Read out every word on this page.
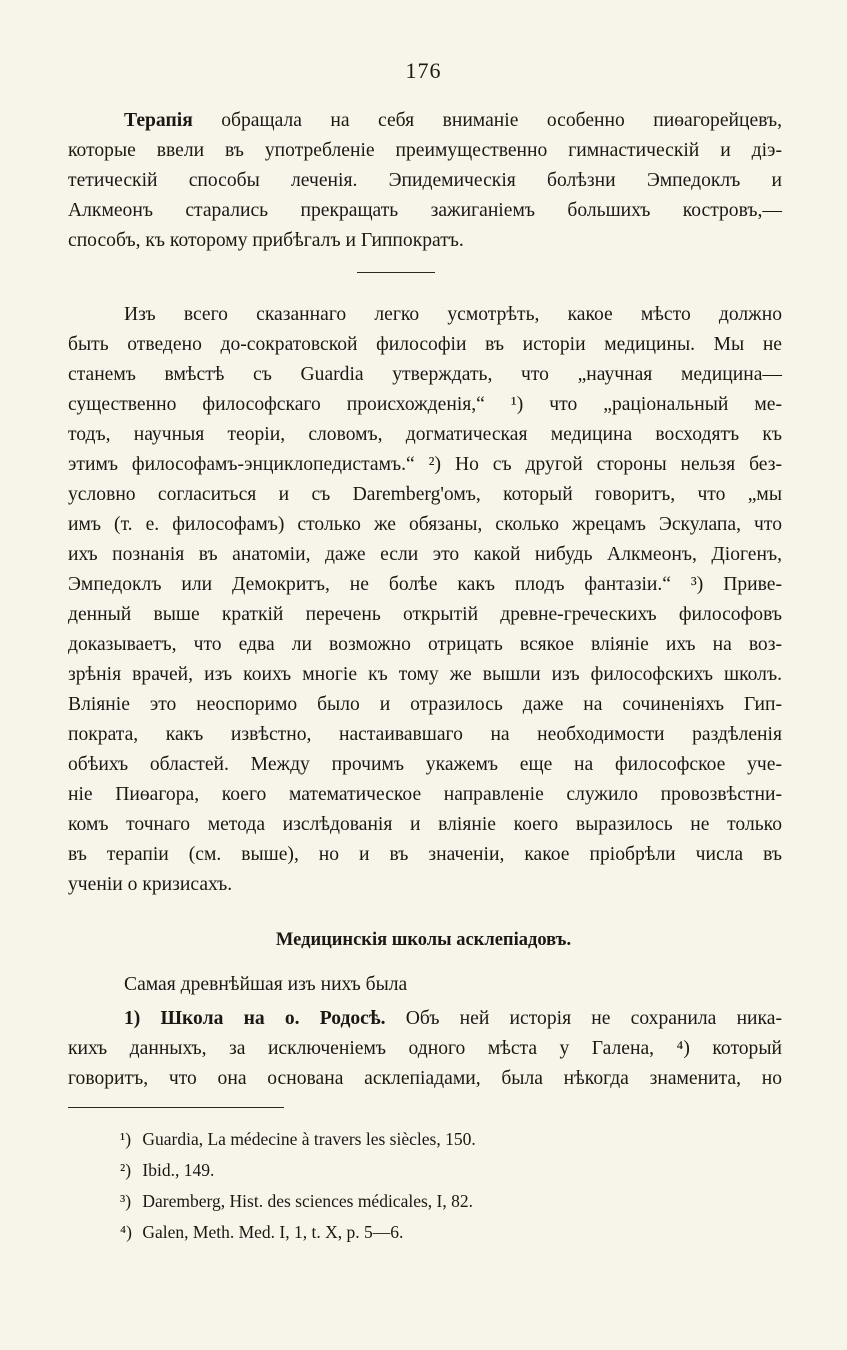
176
Терапія обращала на себя вниманіе особенно пиөагорейцевъ,
которые ввели въ употребленіе преимущественно гимнастическій и діэ-
тетическій способы леченія. Эпидемическія болѣзни Эмпедоклъ и
Алкмеонъ старались прекращать зажиганіемъ большихъ костровъ,—
способъ, къ которому прибѣгалъ и Гиппократъ.
Изъ всего сказаннаго легко усмотрѣть, какое мѣсто должно
быть отведено до-сократовской философіи въ исторіи медицины. Мы не
станемъ вмѣстѣ съ Guardia утверждать, что „научная медицина—
существенно философскаго происхожденія,“ ¹) что „раціональный ме-
тодъ, научныя теоріи, словомъ, догматическая медицина восходятъ къ
этимъ философамъ-энциклопедистамъ.“ ²) Но съ другой стороны нельзя без-
условно согласиться и съ Daremberg'омъ, который говоритъ, что „мы
имъ (т. е. философамъ) столько же обязаны, сколько жрецамъ Эскулапа, что
ихъ познанія въ анатоміи, даже если это какой нибудь Алкмеонъ, Діогенъ,
Эмпедоклъ или Демокритъ, не болѣе какъ плодъ фантазіи.“ ³) Приве-
денный выше краткій перечень открытій древне-греческихъ философовъ
доказываетъ, что едва ли возможно отрицать всякое вліяніе ихъ на воз-
зрѣнія врачей, изъ коихъ многіе къ тому же вышли изъ философскихъ школъ.
Вліяніе это неоспоримо было и отразилось даже на сочиненіяхъ Гип-
пократа, какъ извѣстно, настаивавшаго на необходимости раздѣленія
обѣихъ областей. Между прочимъ укажемъ еще на философское уче-
ніе Пиөагора, коего математическое направленіе служило провозвѣстни-
комъ точнаго метода изслѣдованія и вліяніе коего выразилось не только
въ терапіи (см. выше), но и въ значеніи, какое пріобрѣли числа въ
ученіи о кризисахъ.
Медицинскія школы асклепіадовъ.
Самая древнѣйшая изъ нихъ была
1) Школа на о. Родосѣ. Объ ней исторія не сохранила ника-
кихъ данныхъ, за исключеніемъ одного мѣста у Галена, ⁴) который
говоритъ, что она основана асклепіадами, была нѣкогда знаменита, но
¹) Guardia, La médecine à travers les siècles, 150.
²) Ibid., 149.
³) Daremberg, Hist. des sciences médicales, I, 82.
⁴) Galen, Meth. Med. I, 1, t. X, p. 5—6.
